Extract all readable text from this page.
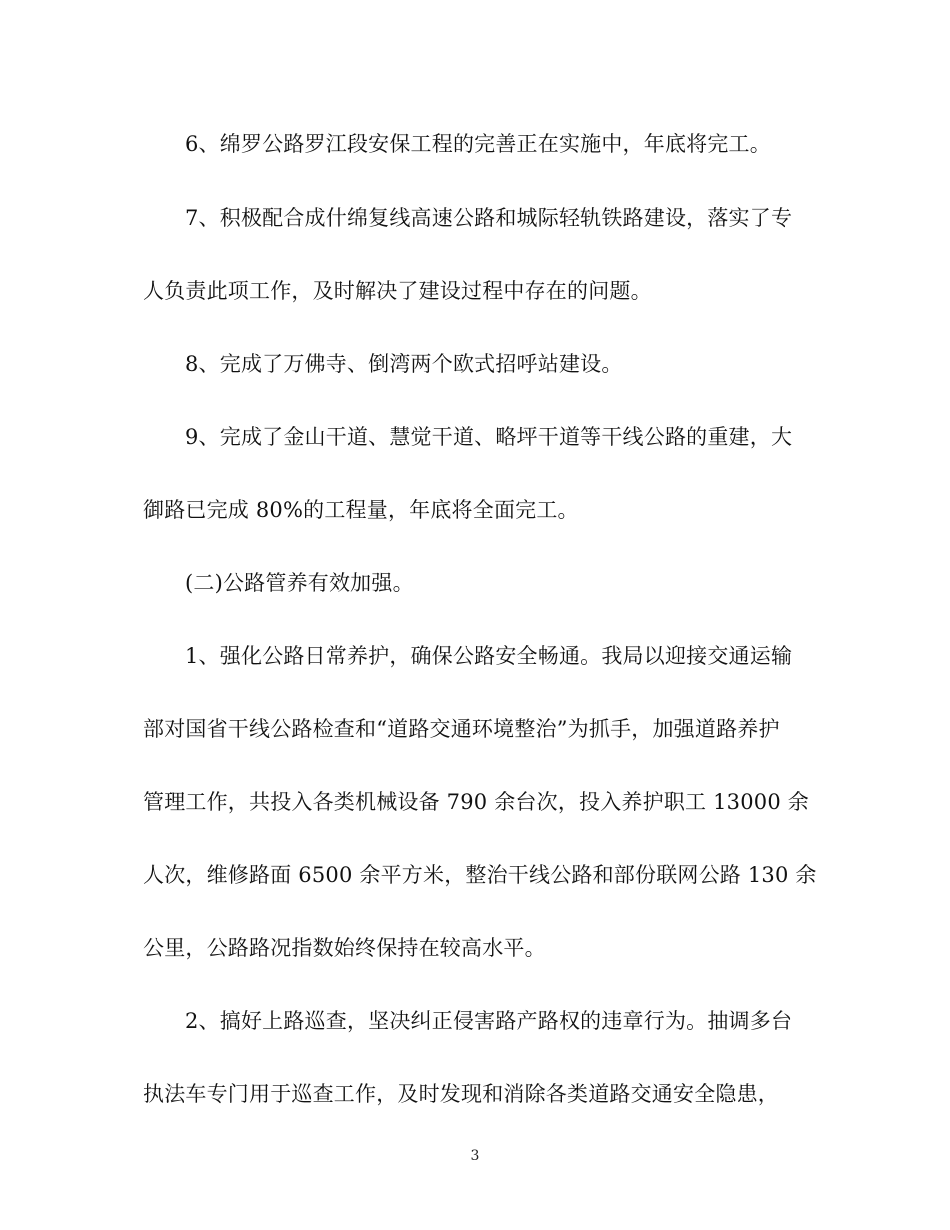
6、绵罗公路罗江段安保工程的完善正在实施中，年底将完工。
7、积极配合成什绵复线高速公路和城际轻轨铁路建设，落实了专
人负责此项工作，及时解决了建设过程中存在的问题。
8、完成了万佛寺、倒湾两个欧式招呼站建设。
9、完成了金山干道、慧觉干道、略坪干道等干线公路的重建，大
御路已完成 80%的工程量，年底将全面完工。
(二)公路管养有效加强。
1、强化公路日常养护，确保公路安全畅通。我局以迎接交通运输
部对国省干线公路检查和“道路交通环境整治”为抓手，加强道路养护
管理工作，共投入各类机械设备 790 余台次，投入养护职工 13000 余
人次，维修路面 6500 余平方米，整治干线公路和部份联网公路 130 余
公里，公路路况指数始终保持在较高水平。
2、搞好上路巡查，坚决纠正侵害路产路权的违章行为。抽调多台
执法车专门用于巡查工作，及时发现和消除各类道路交通安全隐患，
3
